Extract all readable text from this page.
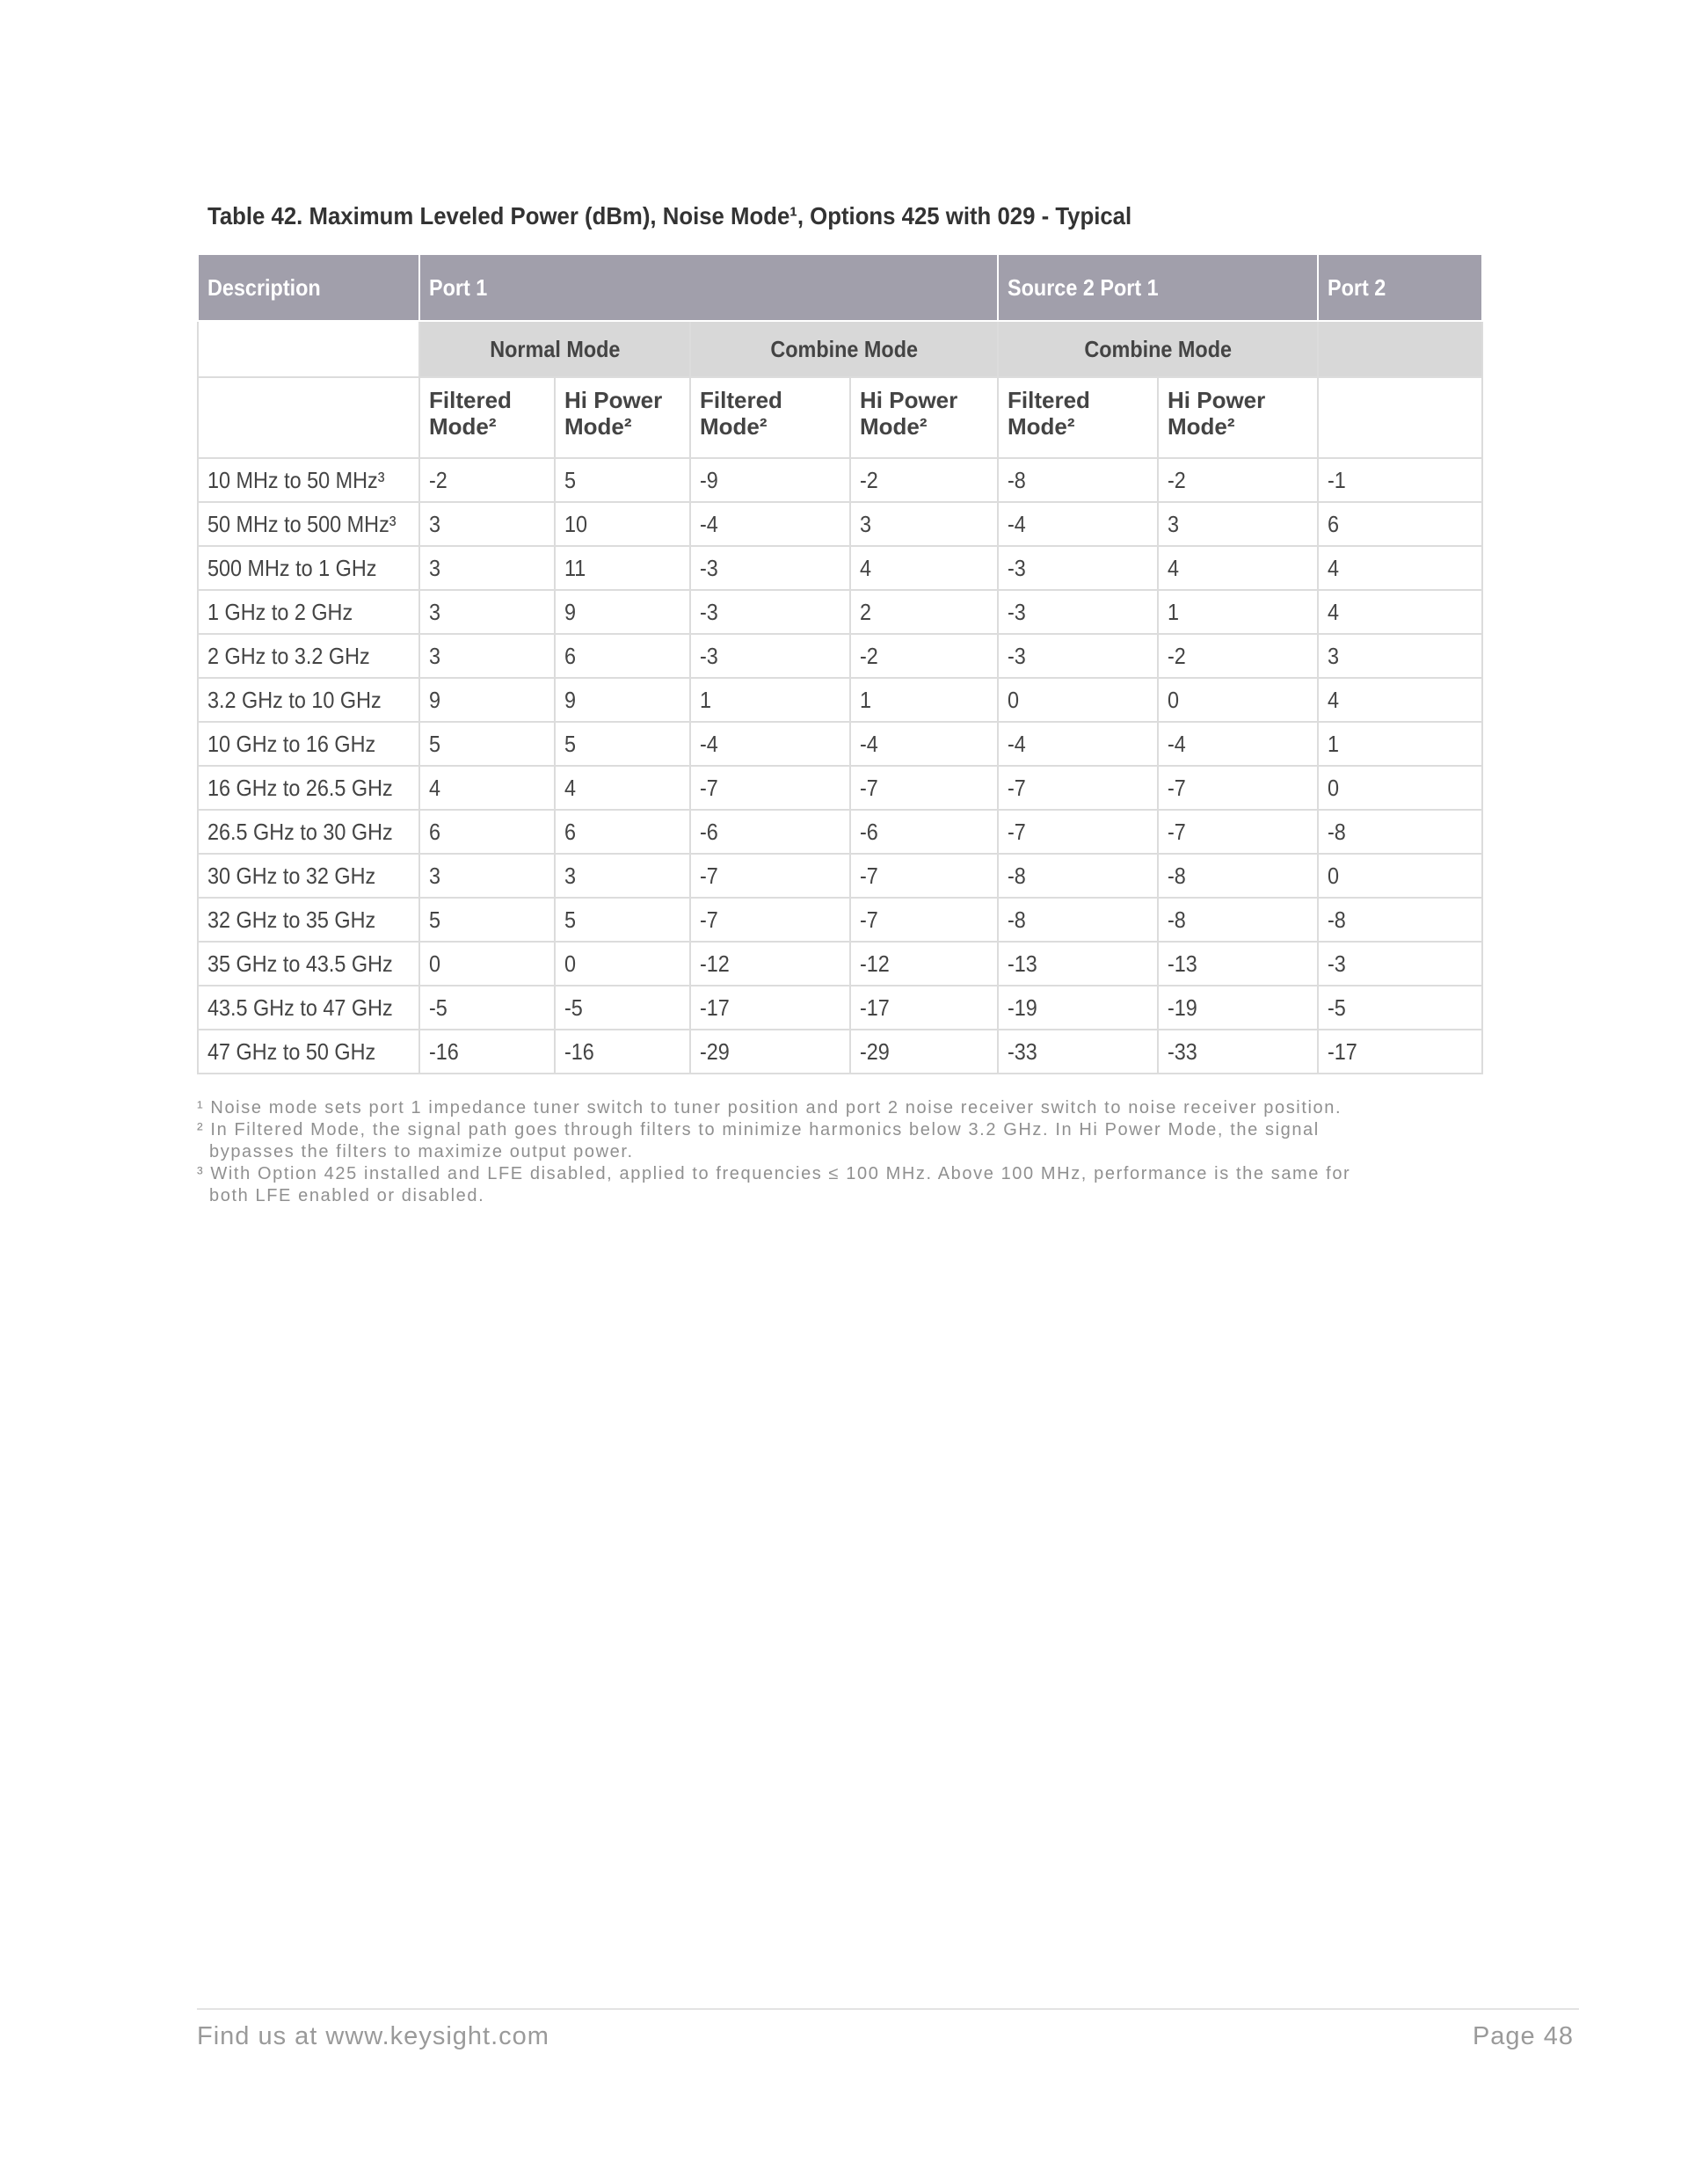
Table 42. Maximum Leveled Power (dBm), Noise Mode¹, Options 425 with 029 - Typical
Description	Port 1				Source 2 Port 1		Port 2
	Normal Mode		Combine Mode		Combine Mode		
	Filtered Mode²	Hi Power Mode²	Filtered Mode²	Hi Power Mode²	Filtered Mode²	Hi Power Mode²	
10 MHz to 50 MHz³	-2	5	-9	-2	-8	-2	-1
50 MHz to 500 MHz³	3	10	-4	3	-4	3	6
500 MHz to 1 GHz	3	11	-3	4	-3	4	4
1 GHz to 2 GHz	3	9	-3	2	-3	1	4
2 GHz to 3.2 GHz	3	6	-3	-2	-3	-2	3
3.2 GHz to 10 GHz	9	9	1	1	0	0	4
10 GHz to 16 GHz	5	5	-4	-4	-4	-4	1
16 GHz to 26.5 GHz	4	4	-7	-7	-7	-7	0
26.5 GHz to 30 GHz	6	6	-6	-6	-7	-7	-8
30 GHz to 32 GHz	3	3	-7	-7	-8	-8	0
32 GHz to 35 GHz	5	5	-7	-7	-8	-8	-8
35 GHz to 43.5 GHz	0	0	-12	-12	-13	-13	-3
43.5 GHz to 47 GHz	-5	-5	-17	-17	-19	-19	-5
47 GHz to 50 GHz	-16	-16	-29	-29	-33	-33	-17
¹ Noise mode sets port 1 impedance tuner switch to tuner position and port 2 noise receiver switch to noise receiver position.
² In Filtered Mode, the signal path goes through filters to minimize harmonics below 3.2 GHz. In Hi Power Mode, the signal bypasses the filters to maximize output power.
³ With Option 425 installed and LFE disabled, applied to frequencies ≤ 100 MHz. Above 100 MHz, performance is the same for both LFE enabled or disabled.
Find us at www.keysight.com	Page 48
